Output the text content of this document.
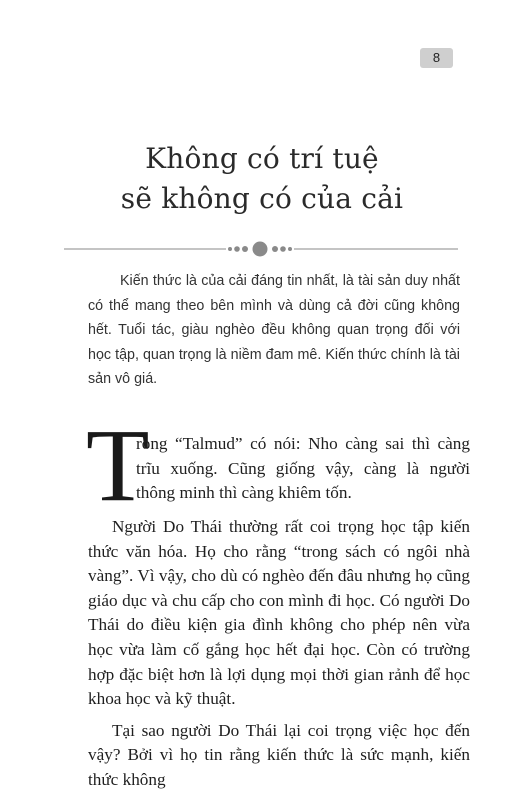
8
Không có trí tuệ
sẽ không có của cải

Kiến thức là của cải đáng tin nhất, là tài sản duy nhất có thể mang theo bên mình và dùng cả đời cũng không hết. Tuổi tác, giàu nghèo đều không quan trọng đối với học tập, quan trọng là niềm đam mê. Kiến thức chính là tài sản vô giá.

T

rong “Talmud” có nói: Nho càng sai thì càng trĩu xuống. Cũng giống vậy, càng là người thông minh thì càng khiêm tốn.

Người Do Thái thường rất coi trọng học tập kiến thức văn hóa. Họ cho rằng “trong sách có ngôi nhà vàng”. Vì vậy, cho dù có nghèo đến đâu nhưng họ cũng giáo dục và chu cấp cho con mình đi học. Có người Do Thái do điều kiện gia đình không cho phép nên vừa học vừa làm cố gắng học hết đại học. Còn có trường hợp đặc biệt hơn là lợi dụng mọi thời gian rảnh để học khoa học và kỹ thuật.

Tại sao người Do Thái lại coi trọng việc học đến vậy? Bởi vì họ tin rằng kiến thức là sức mạnh, kiến thức không
